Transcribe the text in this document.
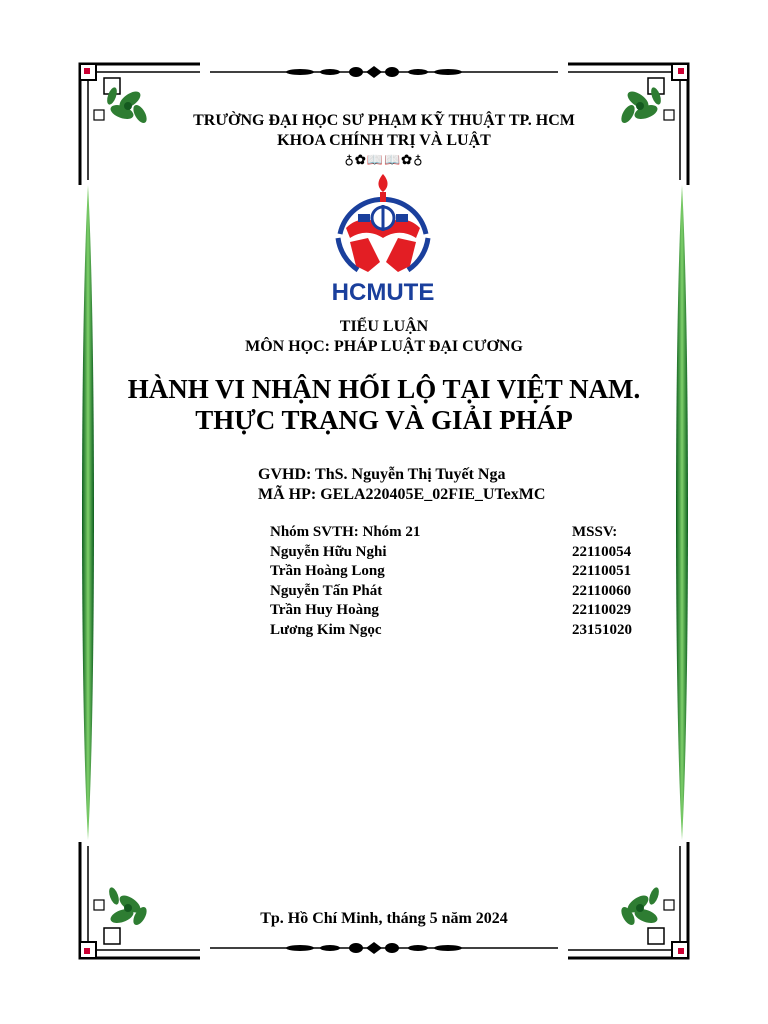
TRƯỜNG ĐẠI HỌC SƯ PHẠM KỸ THUẬT TP. HCM
KHOA CHÍNH TRỊ VÀ LUẬT
♁✿📖📖✿♁
HCMUTE
TIỂU LUẬN
MÔN HỌC: PHÁP LUẬT ĐẠI CƯƠNG
HÀNH VI NHẬN HỐI LỘ TẠI VIỆT NAM.
THỰC TRẠNG VÀ GIẢI PHÁP
GVHD: ThS. Nguyễn Thị Tuyết Nga
MÃ HP: GELA220405E_02FIE_UTexMC
Nhóm SVTH: Nhóm 21	MSSV:
Nguyễn Hữu Nghi	22110054
Trần Hoàng Long	22110051
Nguyễn Tấn Phát	22110060
Trần Huy Hoàng	22110029
Lương Kim Ngọc	23151020
Tp. Hồ Chí Minh, tháng 5 năm 2024
